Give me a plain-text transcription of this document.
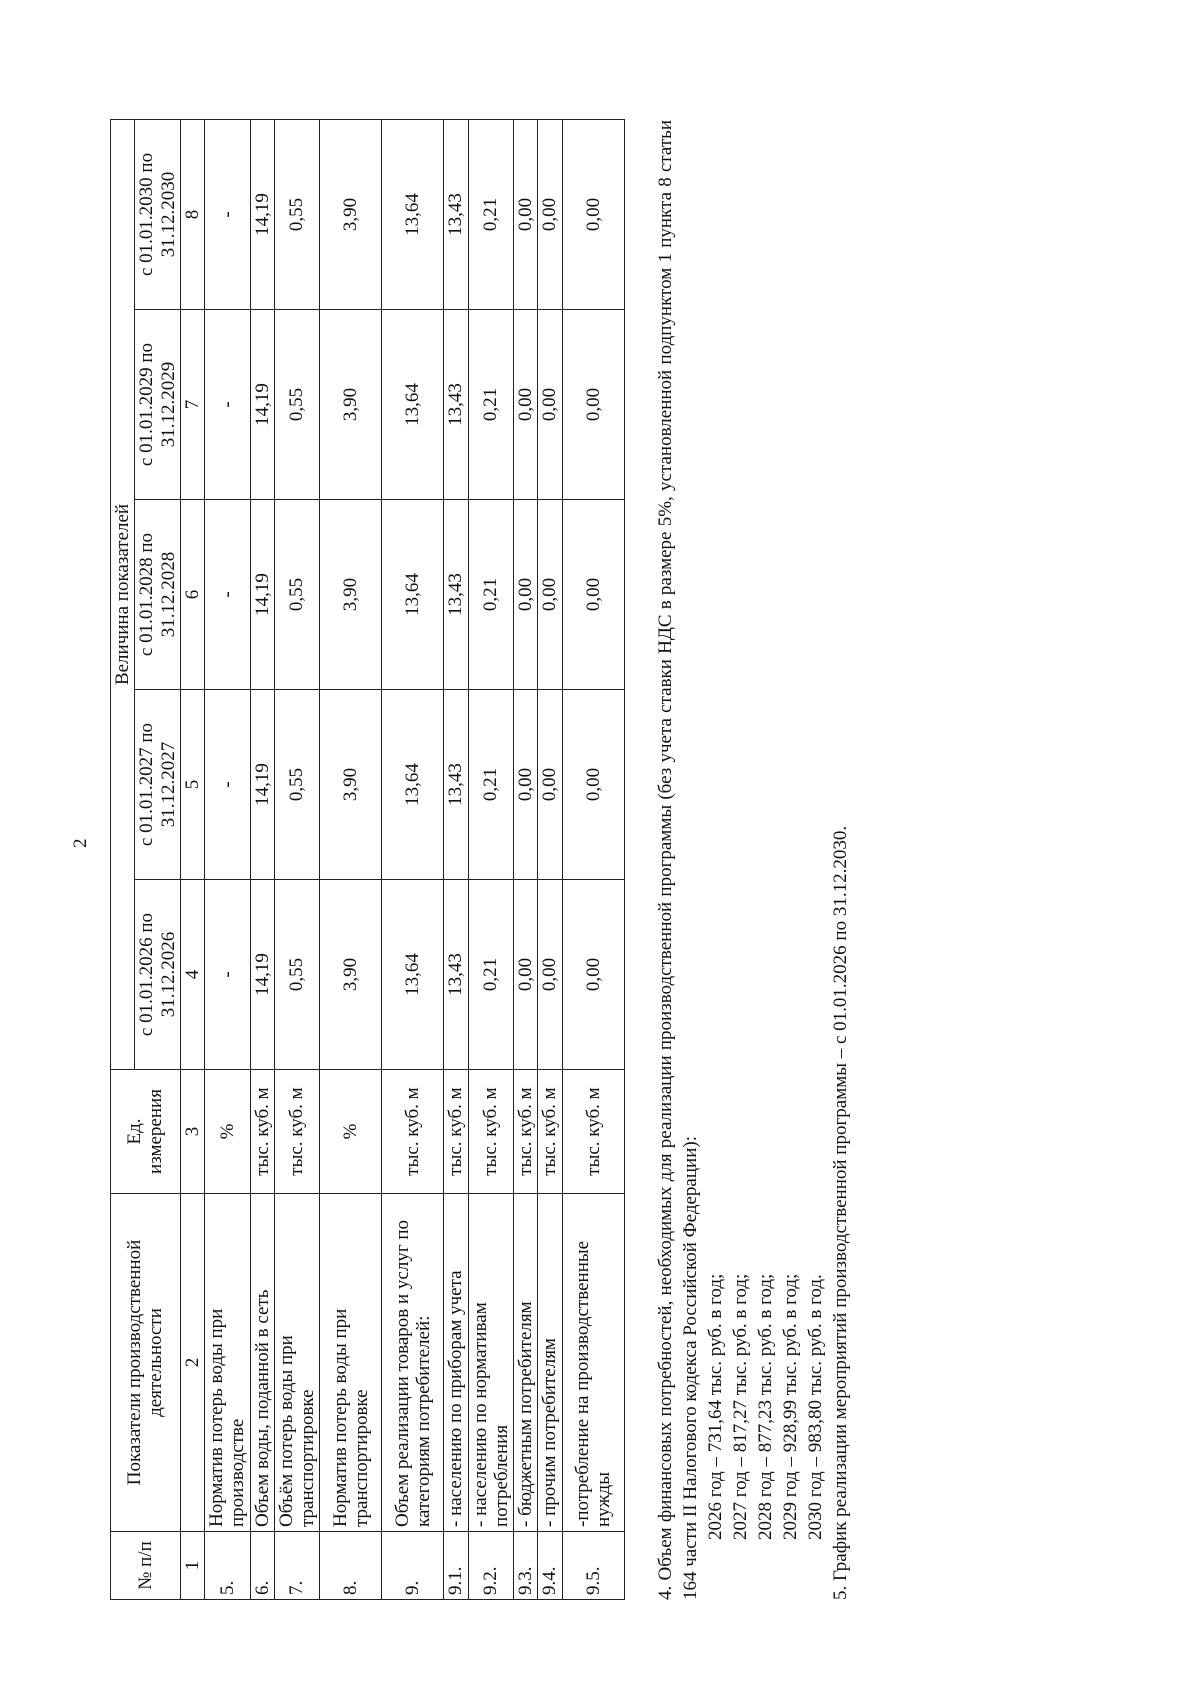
2
№ п/п	Показатели производственной деятельности	Ед. измерения	Величина показателей				
			с 01.01.2026 по 31.12.2026	с 01.01.2027 по 31.12.2027	с 01.01.2028 по 31.12.2028	с 01.01.2029 по 31.12.2029	с 01.01.2030 по 31.12.2030
1	2	3	4	5	6	7	8
5.	Норматив потерь воды при производстве	%	-	-	-	-	-
6.	Объем воды, поданной в сеть	тыс. куб. м	14,19	14,19	14,19	14,19	14,19
7.	Объём потерь воды при транспортировке	тыс. куб. м	0,55	0,55	0,55	0,55	0,55
8.	Норматив потерь воды при транспортировке	%	3,90	3,90	3,90	3,90	3,90
9.	Объем реализации товаров и услуг по категориям потребителей:	тыс. куб. м	13,64	13,64	13,64	13,64	13,64
9.1.	- населению по приборам учета	тыс. куб. м	13,43	13,43	13,43	13,43	13,43
9.2.	- населению по нормативам потребления	тыс. куб. м	0,21	0,21	0,21	0,21	0,21
9.3.	- бюджетным потребителям	тыс. куб. м	0,00	0,00	0,00	0,00	0,00
9.4.	- прочим потребителям	тыс. куб. м	0,00	0,00	0,00	0,00	0,00
9.5.	-потребление на производственные нужды	тыс. куб. м	0,00	0,00	0,00	0,00	0,00	4. Объем финансовых потребностей, необходимых для реализации производственной программы (без учета ставки НДС в размере 5%, установленной подпунктом 1 пункта 8 статьи 164 части II Налогового кодекса Российской Федерации): 2026 год – 731,64 тыс. руб. в год; 2027 год – 817,27 тыс. руб. в год; 2028 год – 877,23 тыс. руб. в год; 2029 год – 928,99 тыс. руб. в год; 2030 год – 983,80 тыс. руб. в год. 5. График реализации мероприятий производственной программы – с 01.01.2026 по 31.12.2030.
